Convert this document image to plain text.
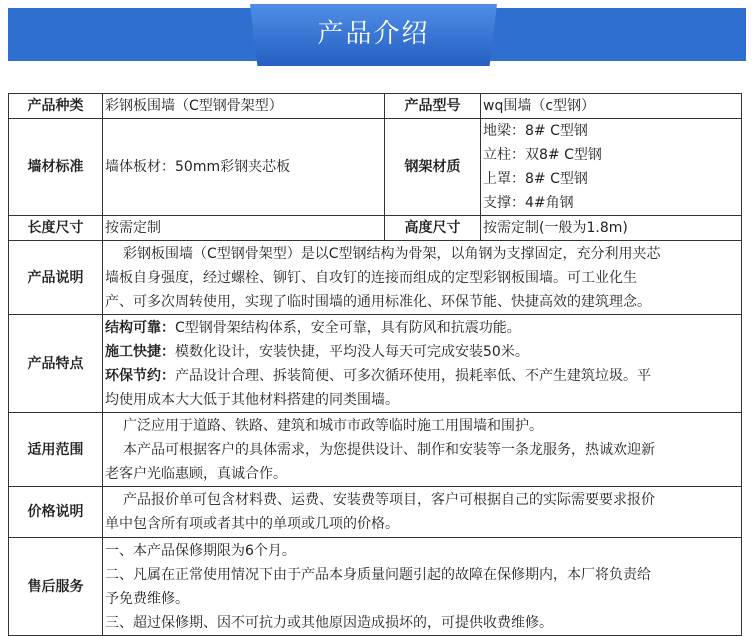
产品介绍
产品种类	彩钢板围墙（C型钢骨架型）	产品型号	wq围墙（c型钢）
墙材标准	墙体板材：50mm彩钢夹芯板	钢架材质	地梁：8# C型钢
立柱：双8# C型钢
上罩：8# C型钢
支撑：4#角钢

长度尺寸	按需定制	高度尺寸	按需定制(一般为1.8m)
产品说明	彩钢板围墙（C型钢骨架型）是以C型钢结构为骨架，以角钢为支撑固定，充分利用夹芯
墙板自身强度，经过螺栓、铆钉、自攻钉的连接而组成的定型彩钢板围墙。可工业化生
产、可多次周转使用，实现了临时围墙的通用标准化、环保节能、快捷高效的建筑理念。		

产品特点	结构可靠：C型钢骨架结构体系，安全可靠，具有防风和抗震功能。
施工快捷：模数化设计，安装快捷，平均没人每天可完成安装50米。
环保节约：产品设计合理、拆装简便、可多次循环使用，损耗率低、不产生建筑垃圾。平
均使用成本大大低于其他材料搭建的同类围墙。		

适用范围	广泛应用于道路、铁路、建筑和城市市政等临时施工用围墙和围护。
本产品可根据客户的具体需求，为您提供设计、制作和安装等一条龙服务，热诚欢迎新
老客户光临惠顾，真诚合作。		

价格说明	产品报价单可包含材料费、运费、安装费等项目，客户可根据自己的实际需要要求报价
单中包含所有项或者其中的单项或几项的价格。		

售后服务	一、本产品保修期限为6个月。
二、凡属在正常使用情况下由于产品本身质量问题引起的故障在保修期内，本厂将负责给
予免费维修。
三、超过保修期、因不可抗力或其他原因造成损坏的，可提供收费维修。		
